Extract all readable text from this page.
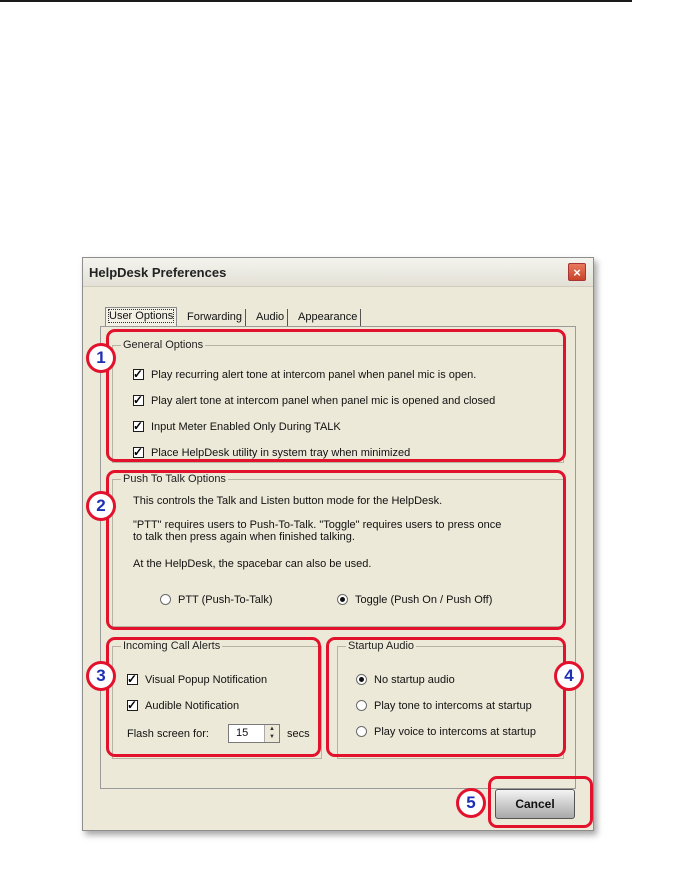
HelpDesk Preferences	×
User Options	Forwarding	Audio	Appearance
General Options
✓ Play recurring alert tone at intercom panel when panel mic is open.
✓ Play alert tone at intercom panel when panel mic is opened and closed
✓ Input Meter Enabled Only During TALK
✓ Place HelpDesk utility in system tray when minimized
Push To Talk Options
This controls the Talk and Listen button mode for the HelpDesk.
"PTT" requires users to Push-To-Talk. "Toggle" requires users to press once
to talk then press again when finished talking.
At the HelpDesk, the spacebar can also be used.
PTT (Push-To-Talk)	Toggle (Push On / Push Off)
Incoming Call Alerts
✓ Visual Popup Notification
✓ Audible Notification
Flash screen for: 15	▲
▼	secs
Startup Audio
No startup audio
Play tone to intercoms at startup
Play voice to intercoms at startup
Cancel
1
2
3	4
5
